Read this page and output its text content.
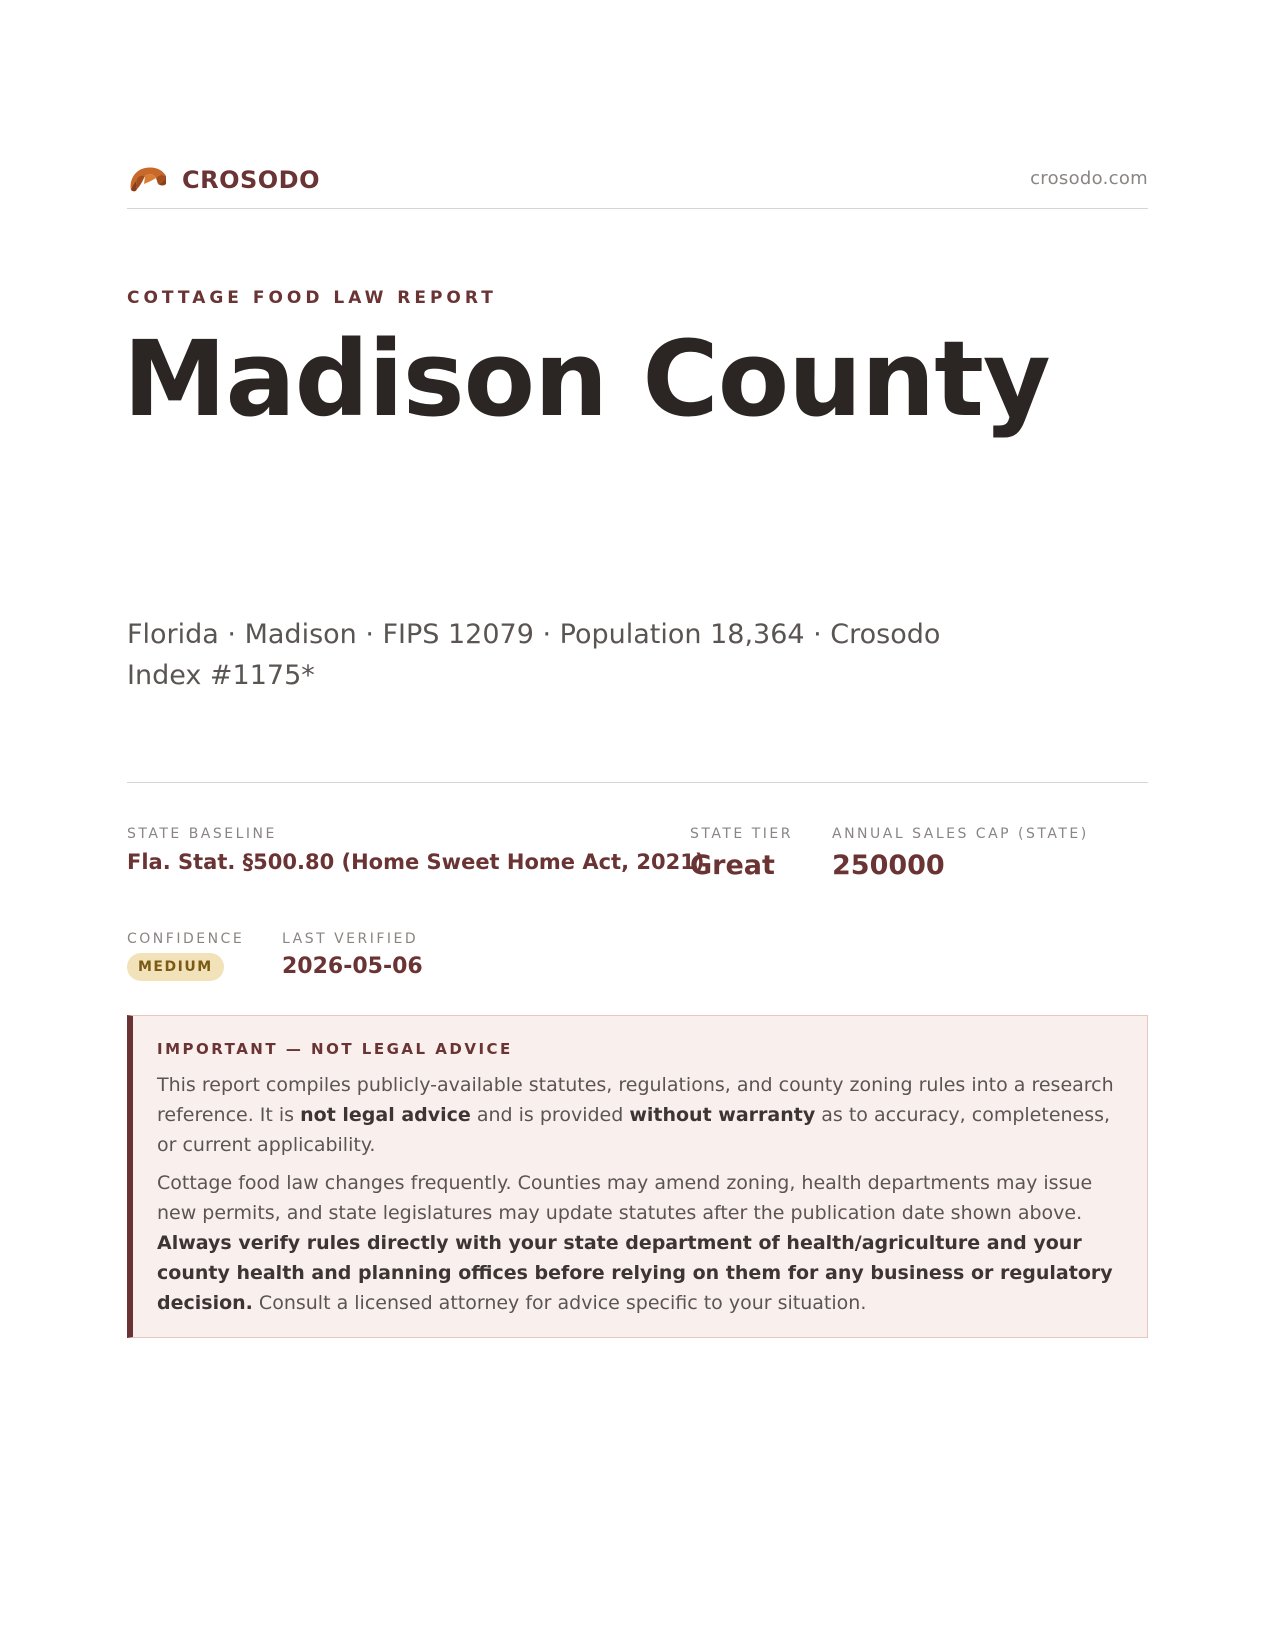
CROSODO	crosodo.com
COTTAGE FOOD LAW REPORT
Madison County
Florida · Madison · FIPS 12079 · Population 18,364 · Crosodo Index #1175*
STATE BASELINE
Fla. Stat. §500.80 (Home Sweet Home Act, 2021)
STATE TIER
Great
ANNUAL SALES CAP (STATE)
250000
CONFIDENCE
MEDIUM
LAST VERIFIED
2026-05-06
IMPORTANT — NOT LEGAL ADVICE
This report compiles publicly-available statutes, regulations, and county zoning rules into a research reference. It is not legal advice and is provided without warranty as to accuracy, completeness, or current applicability.
Cottage food law changes frequently. Counties may amend zoning, health departments may issue new permits, and state legislatures may update statutes after the publication date shown above. Always verify rules directly with your state department of health/agriculture and your county health and planning offices before relying on them for any business or regulatory decision. Consult a licensed attorney for advice specific to your situation.
